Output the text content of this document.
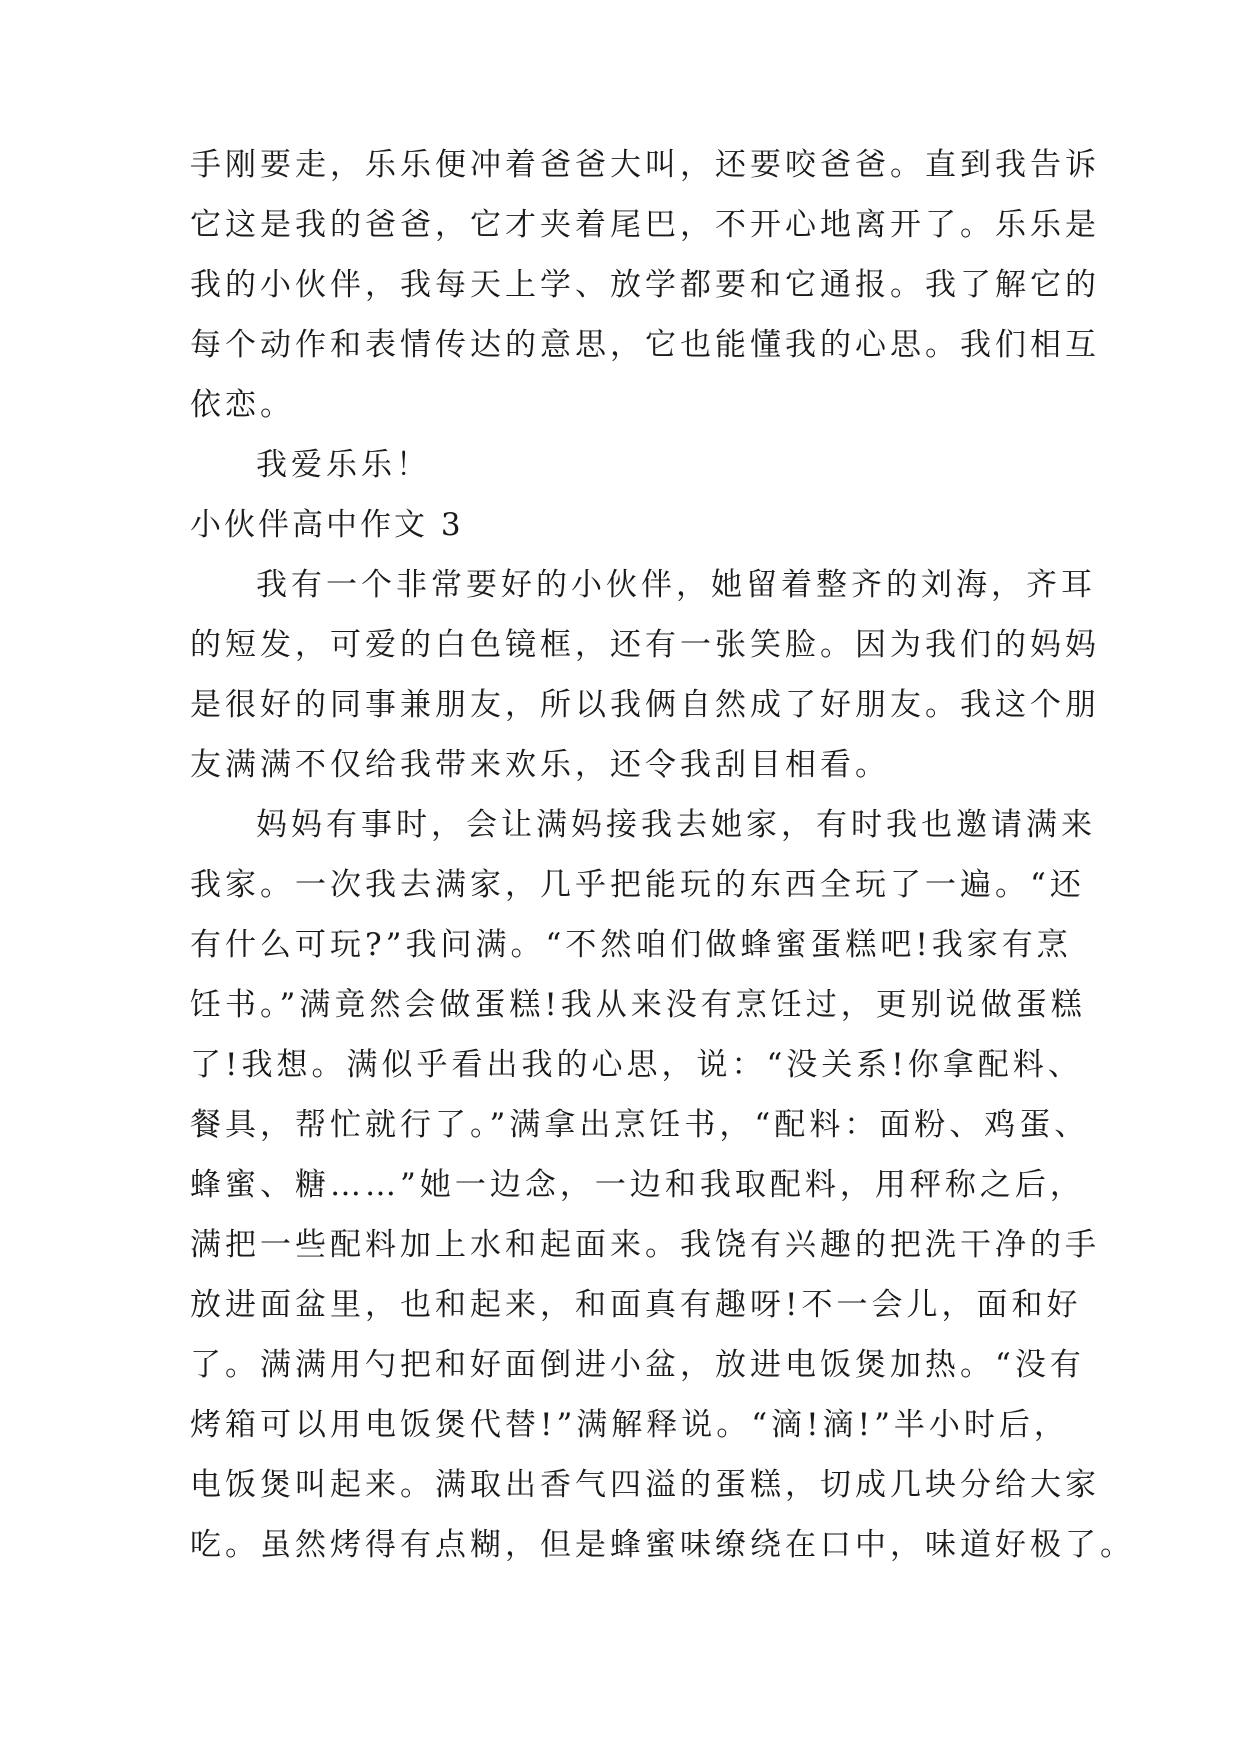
手刚要走，乐乐便冲着爸爸大叫，还要咬爸爸。直到我告诉
它这是我的爸爸，它才夹着尾巴，不开心地离开了。乐乐是
我的小伙伴，我每天上学、放学都要和它通报。我了解它的
每个动作和表情传达的意思，它也能懂我的心思。我们相互
依恋。
我爱乐乐！
小伙伴高中作文 3
我有一个非常要好的小伙伴，她留着整齐的刘海，齐耳
的短发，可爱的白色镜框，还有一张笑脸。因为我们的妈妈
是很好的同事兼朋友，所以我俩自然成了好朋友。我这个朋
友满满不仅给我带来欢乐，还令我刮目相看。
妈妈有事时，会让满妈接我去她家，有时我也邀请满来
我家。一次我去满家，几乎把能玩的东西全玩了一遍。“还
有什么可玩?”我问满。“不然咱们做蜂蜜蛋糕吧!我家有烹
饪书。”满竟然会做蛋糕!我从来没有烹饪过，更别说做蛋糕
了!我想。满似乎看出我的心思，说：“没关系!你拿配料、
餐具，帮忙就行了。”满拿出烹饪书，“配料：面粉、鸡蛋、
蜂蜜、糖……”她一边念，一边和我取配料，用秤称之后，
满把一些配料加上水和起面来。我饶有兴趣的把洗干净的手
放进面盆里，也和起来，和面真有趣呀!不一会儿，面和好
了。满满用勺把和好面倒进小盆，放进电饭煲加热。“没有
烤箱可以用电饭煲代替!”满解释说。“滴!滴!”半小时后，
电饭煲叫起来。满取出香气四溢的蛋糕，切成几块分给大家
吃。虽然烤得有点糊，但是蜂蜜味缭绕在口中，味道好极了。
